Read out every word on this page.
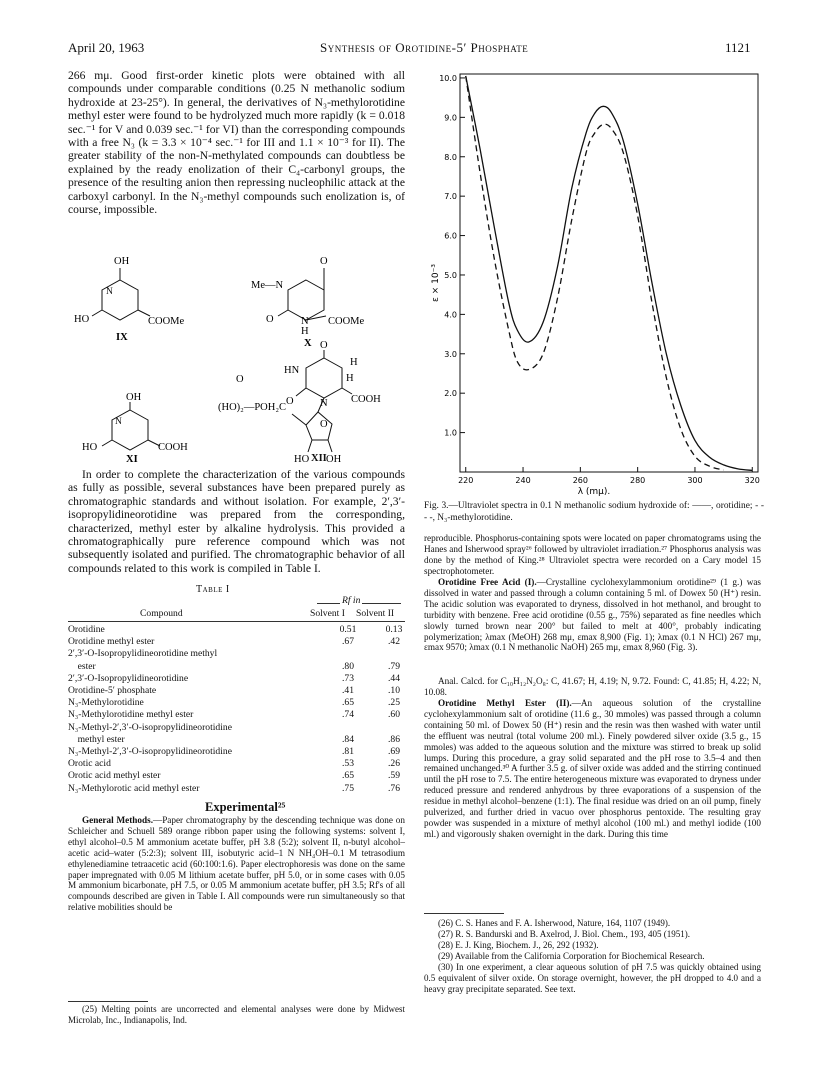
April 20, 1963	Synthesis of Orotidine-5′ Phosphate	1121

266 mμ. Good first-order kinetic plots were obtained with all compounds under comparable conditions (0.25 N methanolic sodium hydroxide at 23-25°). In general, the derivatives of N₃-methylorotidine methyl ester were found to be hydrolyzed much more rapidly (k = 0.018 sec.⁻¹ for V and 0.039 sec.⁻¹ for VI) than the corresponding compounds with a free N₃ (k = 3.3 × 10⁻⁴ sec.⁻¹ for III and 1.1 × 10⁻³ for II). The greater stability of the non-N-methylated compounds can doubtless be explained by the ready enolization of their C₄-carbonyl groups, the presence of the resulting anion then repressing nucleophilic attack at the carboxyl carbonyl. In the N₃-methyl compounds such enolization is, of course, impossible.

OH
N
HO	COOMe
IX
O
Me—N
O	N
H
COOMe
X
OH
N
HO	COOH
XI
O
HN
H
H
O	N COOH
O
(HO)₂—POH₂C
O
HO OH
XII

In order to complete the characterization of the various compounds as fully as possible, several substances have been prepared purely as chromatographic standards and without isolation. For example, 2′,3′-isopropylidineorotidine was prepared from the corresponding, characterized, methyl ester by alkaline hydrolysis. This provided a chromatographically pure reference compound which was not subsequently isolated and purified. The chromatographic behavior of all compounds related to this work is compiled in Table I.

Table I
Rf in
Compound	Solvent I Solvent II
Orotidine	0.51	0.13
Orotidine methyl ester	.67	.42
2′,3′-O-Isopropylidineorotidine methyl		
ester	.80	.79
2′,3′-O-Isopropylidineorotidine	.73	.44
Orotidine-5′ phosphate	.41	.10
N₃-Methylorotidine	.65	.25
N₃-Methylorotidine methyl ester	.74	.60
N₃-Methyl-2′,3′-O-isopropylidineorotidine		
methyl ester	.84	.86
N₃-Methyl-2′,3′-O-isopropylidineorotidine	.81	.69
Orotic acid	.53	.26
Orotic acid methyl ester	.65	.59
N₃-Methylorotic acid methyl ester	.75	.76
Experimental²⁵

General Methods.—Paper chromatography by the descending technique was done on Schleicher and Schuell 589 orange ribbon paper using the following systems: solvent I, ethyl alcohol–0.5 M ammonium acetate buffer, pH 3.8 (5:2); solvent II, n-butyl alcohol–acetic acid–water (5:2:3); solvent III, isobutyric acid–1 N NH₄OH–0.1 M tetrasodium ethylenediamine tetraacetic acid (60:100:1.6). Paper electrophoresis was done on the same paper impregnated with 0.05 M lithium acetate buffer, pH 5.0, or in some cases with 0.05 M ammonium bicarbonate, pH 7.5, or 0.05 M ammonium acetate buffer, pH 3.5; Rf's of all compounds described are given in Table I. All compounds were run simultaneously so that relative mobilities should be

(25) Melting points are uncorrected and elemental analyses were done by Midwest Microlab, Inc., Indianapolis, Ind.

ε × 10⁻³
λ (mμ).
1.0
2.0
3.0
4.0
5.0
6.0
7.0
8.0
9.0
10.0
220	240	260	280	300	320

Fig. 3.—Ultraviolet spectra in 0.1 N methanolic sodium hydroxide of: ——, orotidine; - - - -, N₃-methylorotidine.

reproducible. Phosphorus-containing spots were located on paper chromatograms using the Hanes and Isherwood spray²⁶ followed by ultraviolet irradiation.²⁷ Phosphorus analysis was done by the method of King.²⁸ Ultraviolet spectra were recorded on a Cary model 15 spectrophotometer.

Orotidine Free Acid (I).—Crystalline cyclohexylammonium orotidine²⁹ (1 g.) was dissolved in water and passed through a column containing 5 ml. of Dowex 50 (H⁺) resin. The acidic solution was evaporated to dryness, dissolved in hot methanol, and brought to turbidity with benzene. Free acid orotidine (0.55 g., 75%) separated as fine needles which slowly turned brown near 200° but failed to melt at 400°, probably indicating polymerization; λmax (MeOH) 268 mμ, εmax 8,900 (Fig. 1); λmax (0.1 N HCl) 267 mμ, εmax 9570; λmax (0.1 N methanolic NaOH) 265 mμ, εmax 8,960 (Fig. 3).

Anal. Calcd. for C₁₀H₁₂N₂O₈: C, 41.67; H, 4.19; N, 9.72. Found: C, 41.85; H, 4.22; N, 10.08.

Orotidine Methyl Ester (II).—An aqueous solution of the crystalline cyclohexylammonium salt of orotidine (11.6 g., 30 mmoles) was passed through a column containing 50 ml. of Dowex 50 (H⁺) resin and the resin was then washed with water until the effluent was neutral (total volume 200 ml.). Finely powdered silver oxide (3.5 g., 15 mmoles) was added to the aqueous solution and the mixture was stirred to break up solid lumps. During this procedure, a gray solid separated and the pH rose to 3.5–4 and then remained unchanged.³⁰ A further 3.5 g. of silver oxide was added and the stirring continued until the pH rose to 7.5. The entire heterogeneous mixture was evaporated to dryness under reduced pressure and rendered anhydrous by three evaporations of a suspension of the residue in methyl alcohol–benzene (1:1). The final residue was dried on an oil pump, finely pulverized, and further dried in vacuo over phosphorus pentoxide. The resulting gray powder was suspended in a mixture of methyl alcohol (100 ml.) and methyl iodide (100 ml.) and vigorously shaken overnight in the dark. During this time

(26) C. S. Hanes and F. A. Isherwood, Nature, 164, 1107 (1949).

(27) R. S. Bandurski and B. Axelrod, J. Biol. Chem., 193, 405 (1951).

(28) E. J. King, Biochem. J., 26, 292 (1932).

(29) Available from the California Corporation for Biochemical Research.

(30) In one experiment, a clear aqueous solution of pH 7.5 was quickly obtained using 0.5 equivalent of silver oxide. On storage overnight, however, the pH dropped to 4.0 and a heavy gray precipitate separated. See text.
